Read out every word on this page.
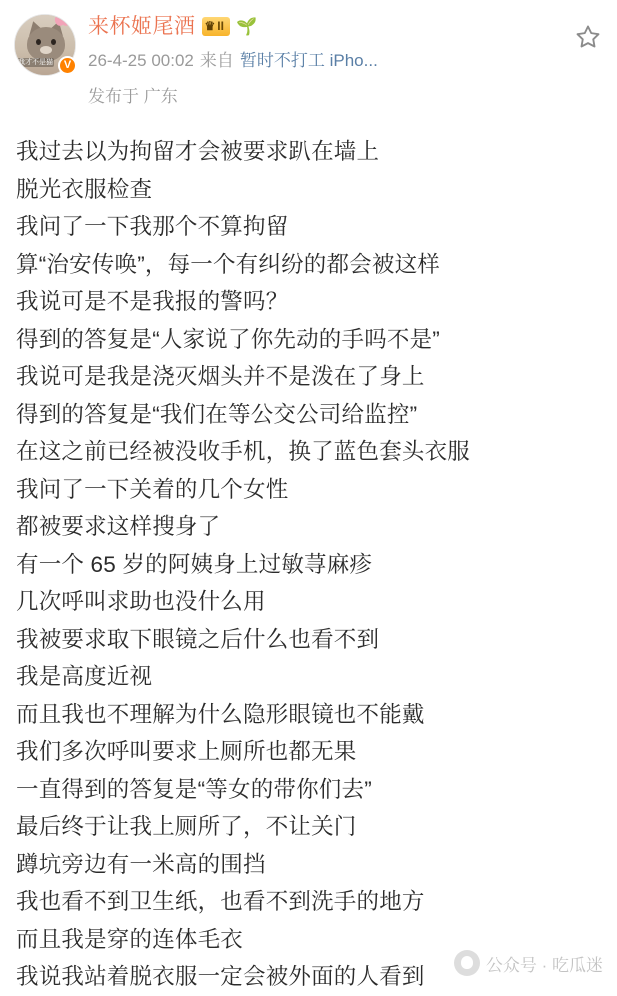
我才不是猫 V
来杯姬尾酒 ♛ II 🌱
26-4-25 00:02 来自 暂时不打工 iPho...
发布于 广东
我过去以为拘留才会被要求趴在墙上
脱光衣服检查
我问了一下我那个不算拘留
算“治安传唤”，每一个有纠纷的都会被这样
我说可是不是我报的警吗？
得到的答复是“人家说了你先动的手吗不是”
我说可是我是浇灭烟头并不是泼在了身上
得到的答复是“我们在等公交公司给监控”
在这之前已经被没收手机，换了蓝色套头衣服
我问了一下关着的几个女性
都被要求这样搜身了
有一个 65 岁的阿姨身上过敏荨麻疹
几次呼叫求助也没什么用
我被要求取下眼镜之后什么也看不到
我是高度近视
而且我也不理解为什么隐形眼镜也不能戴
我们多次呼叫要求上厕所也都无果
一直得到的答复是“等女的带你们去”
最后终于让我上厕所了，不让关门
蹲坑旁边有一米高的围挡
我也看不到卫生纸，也看不到洗手的地方
而且我是穿的连体毛衣
我说我站着脱衣服一定会被外面的人看到	公众号 · 吃瓜迷
